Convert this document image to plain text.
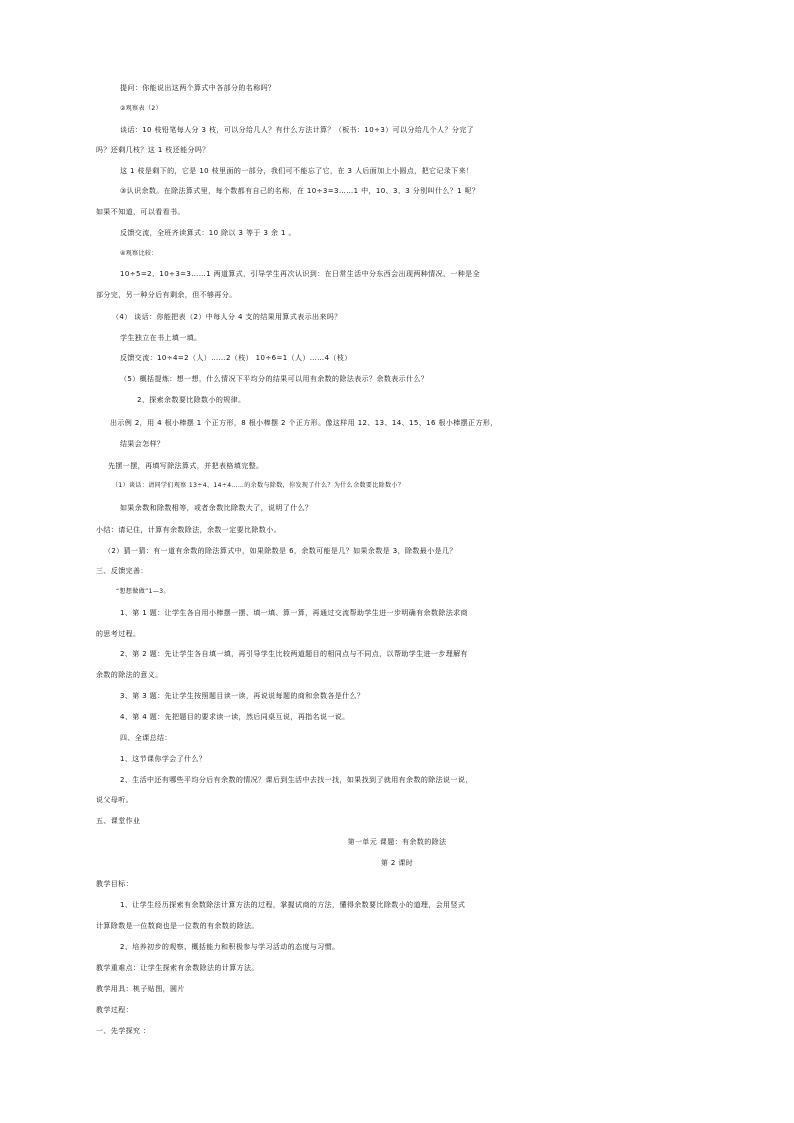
提问：你能说出这两个算式中各部分的名称吗？
②观察表（2）
谈话：10 枝铅笔每人分 3 枝，可以分给几人？有什么方法计算？（板书：10÷3）可以分给几个人？分完了
吗？还剩几枝？这 1 枝还能分吗？
这 1 枝是剩下的，它是 10 枝里面的一部分，我们可不能忘了它，在 3 人后面加上小圆点，把它记录下来！
③认识余数。在除法算式里，每个数都有自己的名称，在 10÷3=3……1 中，10、3、3 分别叫什么？1 呢？
如果不知道，可以看看书。
反馈交流，全班齐读算式：10 除以 3 等于 3 余 1 。
④观察比较：
10÷5=2、10÷3=3……1 两道算式，引导学生再次认识到：在日常生活中分东西会出现两种情况，一种是全
部分完，另一种分后有剩余，但不够再分。
（4） 谈话：你能把表（2）中每人分 4 支的结果用算式表示出来吗？
学生独立在书上填一填。
反馈交流：10÷4=2（人）……2（枝） 10÷6=1（人）……4（枝）
（5）概括提炼：想一想，什么情况下平均分的结果可以用有余数的除法表示？余数表示什么？
2、探索余数要比除数小的规律。
出示例 2，用 4 根小棒摆 1 个正方形，8 根小棒摆 2 个正方形。像这样用 12、13、14、15、16 根小棒摆正方形，
结果会怎样？
先摆一摆，再填写除法算式，并把表格填完整。
（1）谈话：请同学们观察 13÷4、14÷4……的余数与除数，你发现了什么？为什么余数要比除数小？
如果余数和除数相等，或者余数比除数大了，说明了什么？
小结：请记住，计算有余数除法，余数一定要比除数小。
（2）猜一猜：有一道有余数的除法算式中，如果除数是 6，余数可能是几？如果余数是 3，除数最小是几？
三、反馈完善：
“想想做做”1—3。
1、第 1 题：让学生各自用小棒摆一摆、填一填、算一算，再通过交流帮助学生进一步明确有余数除法求商
的思考过程。
2、第 2 题：先让学生各自填一填，再引导学生比较两道题目的相同点与不同点，以帮助学生进一步理解有
余数的除法的意义。
3、第 3 题：先让学生按照题目读一读，再说说每题的商和余数各是什么？
4、第 4 题：先把题目的要求读一读，然后同桌互说，再指名说一说。
四、全课总结：
1、这节课你学会了什么？
2、生活中还有哪些平均分后有余数的情况？课后到生活中去找一找，如果找到了就用有余数的除法说一说，
说父母听。
五、课堂作业
第一单元 课题：有余数的除法
第 2 课时
教学目标：
1、让学生经历探索有余数除法计算方法的过程，掌握试商的方法，懂得余数要比除数小的道理，会用竖式
计算除数是一位数商也是一位数的有余数的除法。
2、培养初步的观察、概括能力和积极参与学习活动的态度与习惯。
教学重难点：让学生探索有余数除法的计算方法。
教学用具：桃子贴图，圆片
教学过程：
一、先学探究 ：
